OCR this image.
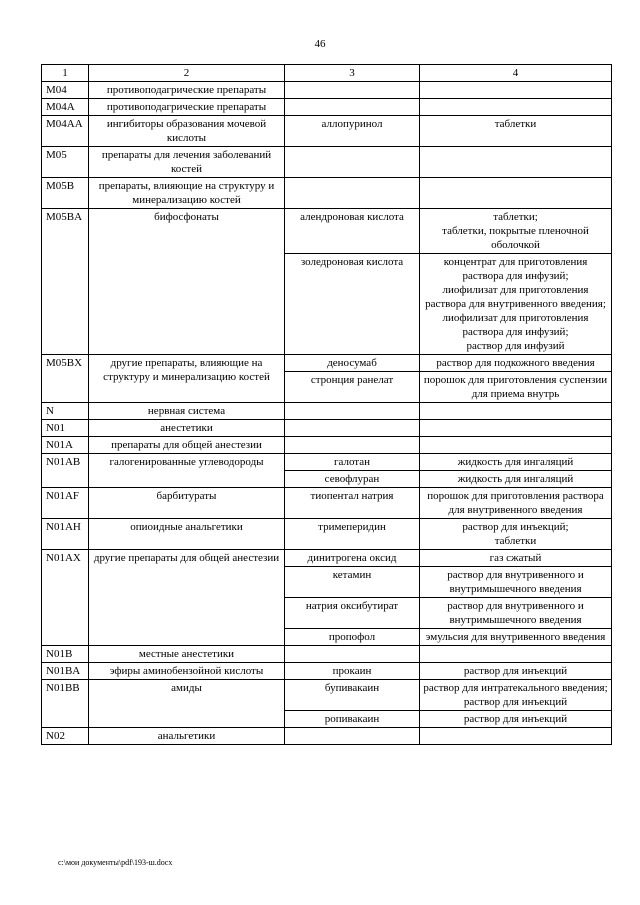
46
1	2	3	4
M04	противоподагрические препараты		
M04A	противоподагрические препараты		
M04AA	ингибиторы образования мочевой кислоты	аллопуринол	таблетки
M05	препараты для лечения заболеваний костей		
M05B	препараты, влияющие на структуру и минерализацию костей		
M05BA	бифосфонаты	алендроновая кислота	таблетки;
таблетки, покрытые пленочной оболочкой
		золедроновая кислота	концентрат для приготовления раствора для инфузий;
лиофилизат для приготовления раствора для внутривенного введения;
лиофилизат для приготовления раствора для инфузий;
раствор для инфузий
M05BX	другие препараты, влияющие на структуру и минерализацию костей	деносумаб	раствор для подкожного введения
		стронция ранелат	порошок для приготовления суспензии для приема внутрь
N	нервная система		
N01	анестетики		
N01A	препараты для общей анестезии		
N01AB	галогенированные углеводороды	галотан	жидкость для ингаляций
		севофлуран	жидкость для ингаляций
N01AF	барбитураты	тиопентал натрия	порошок для приготовления раствора для внутривенного введения
N01AH	опиоидные анальгетики	тримеперидин	раствор для инъекций;
таблетки
N01AX	другие препараты для общей анестезии	динитрогена оксид	газ сжатый
		кетамин	раствор для внутривенного и внутримышечного введения
		натрия оксибутират	раствор для внутривенного и внутримышечного введения
		пропофол	эмульсия для внутривенного введения
N01B	местные анестетики		
N01BA	эфиры аминобензойной кислоты	прокаин	раствор для инъекций
N01BB	амиды	бупивакаин	раствор для интратекального введения;
раствор для инъекций
		ропивакаин	раствор для инъекций
N02	анальгетики		
c:\мои документы\pdf\193-ш.docx
